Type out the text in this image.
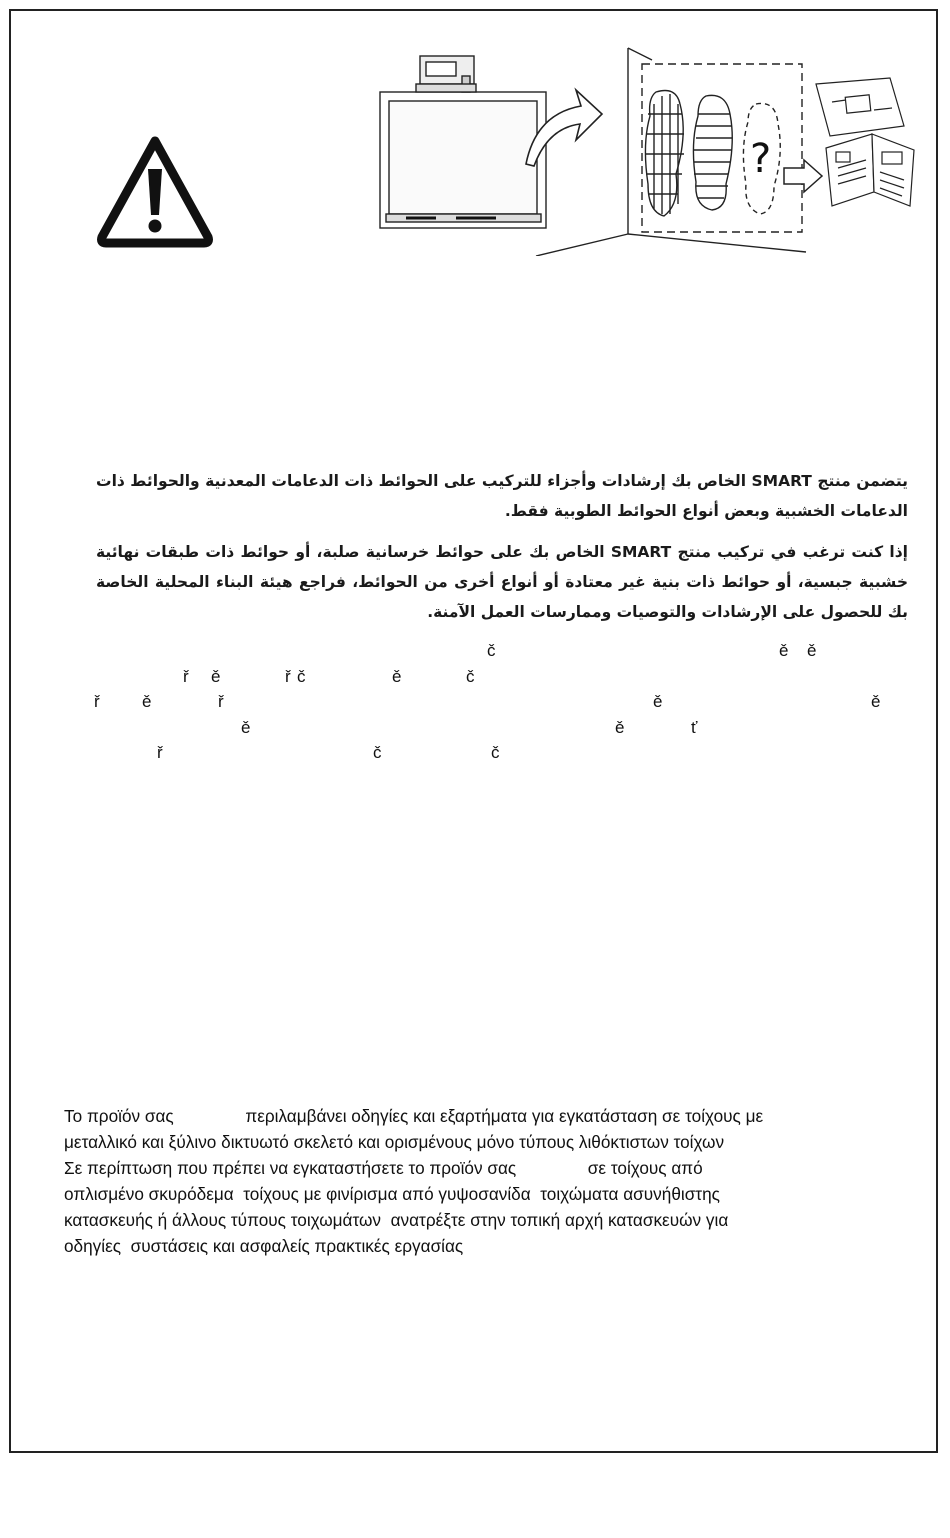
?

يتضمن منتج SMART الخاص بك إرشادات وأجزاء للتركيب على الحوائط ذات الدعامات المعدنية والحوائط ذات الدعامات الخشبية وبعض أنواع الحوائط الطوبية فقط.

إذا كنت ترغب في تركيب منتج SMART الخاص بك على حوائط خرسانية صلبة، أو حوائط ذات طبقات نهائية خشبية جبسية، أو حوائط ذات بنية غير معتادة أو أنواع أخرى من الحوائط، فراجع هيئة البناء المحلية الخاصة بك للحصول على الإرشادات والتوصيات وممارسات العمل الآمنة.

č	ě ě
ř ě	ř č	ě	č
ř ě	ř	ě	ě
ě	ě	ť
ř	č	č

Το προϊόν σας               περιλαμβάνει οδηγίες και εξαρτήματα για εγκατάσταση σε τοίχους με
μεταλλικό και ξύλινο δικτυωτό σκελετό και ορισμένους μόνο τύπους λιθόκτιστων τοίχων
Σε περίπτωση που πρέπει να εγκαταστήσετε το προϊόν σας               σε τοίχους από
οπλισμένο σκυρόδεμα  τοίχους με φινίρισμα από γυψοσανίδα  τοιχώματα ασυνήθιστης
κατασκευής ή άλλους τύπους τοιχωμάτων  ανατρέξτε στην τοπική αρχή κατασκευών για
οδηγίες  συστάσεις και ασφαλείς πρακτικές εργασίας
